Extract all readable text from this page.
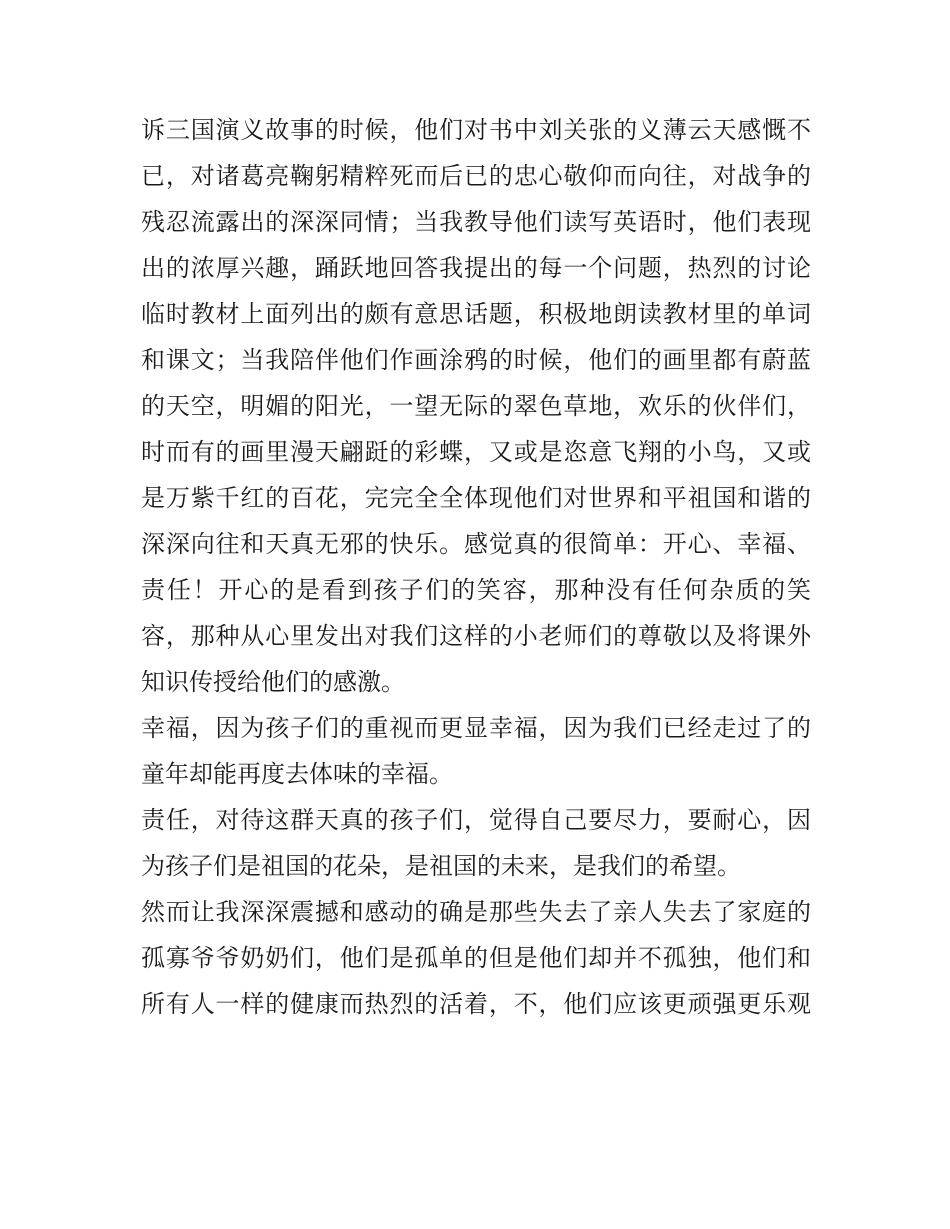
诉三国演义故事的时候，他们对书中刘关张的义薄云天感慨不

已，对诸葛亮鞠躬精粹死而后已的忠心敬仰而向往，对战争的

残忍流露出的深深同情；当我教导他们读写英语时，他们表现

出的浓厚兴趣，踊跃地回答我提出的每一个问题，热烈的讨论

临时教材上面列出的颇有意思话题，积极地朗读教材里的单词

和课文；当我陪伴他们作画涂鸦的时候，他们的画里都有蔚蓝

的天空，明媚的阳光，一望无际的翠色草地，欢乐的伙伴们，

时而有的画里漫天翩跹的彩蝶，又或是恣意飞翔的小鸟，又或

是万紫千红的百花，完完全全体现他们对世界和平祖国和谐的

深深向往和天真无邪的快乐。感觉真的很简单：开心、幸福、

责任！开心的是看到孩子们的笑容，那种没有任何杂质的笑

容，那种从心里发出对我们这样的小老师们的尊敬以及将课外

知识传授给他们的感激。

幸福，因为孩子们的重视而更显幸福，因为我们已经走过了的

童年却能再度去体味的幸福。

责任，对待这群天真的孩子们，觉得自己要尽力，要耐心，因

为孩子们是祖国的花朵，是祖国的未来，是我们的希望。

然而让我深深震撼和感动的确是那些失去了亲人失去了家庭的

孤寡爷爷奶奶们，他们是孤单的但是他们却并不孤独，他们和

所有人一样的健康而热烈的活着，不，他们应该更顽强更乐观
